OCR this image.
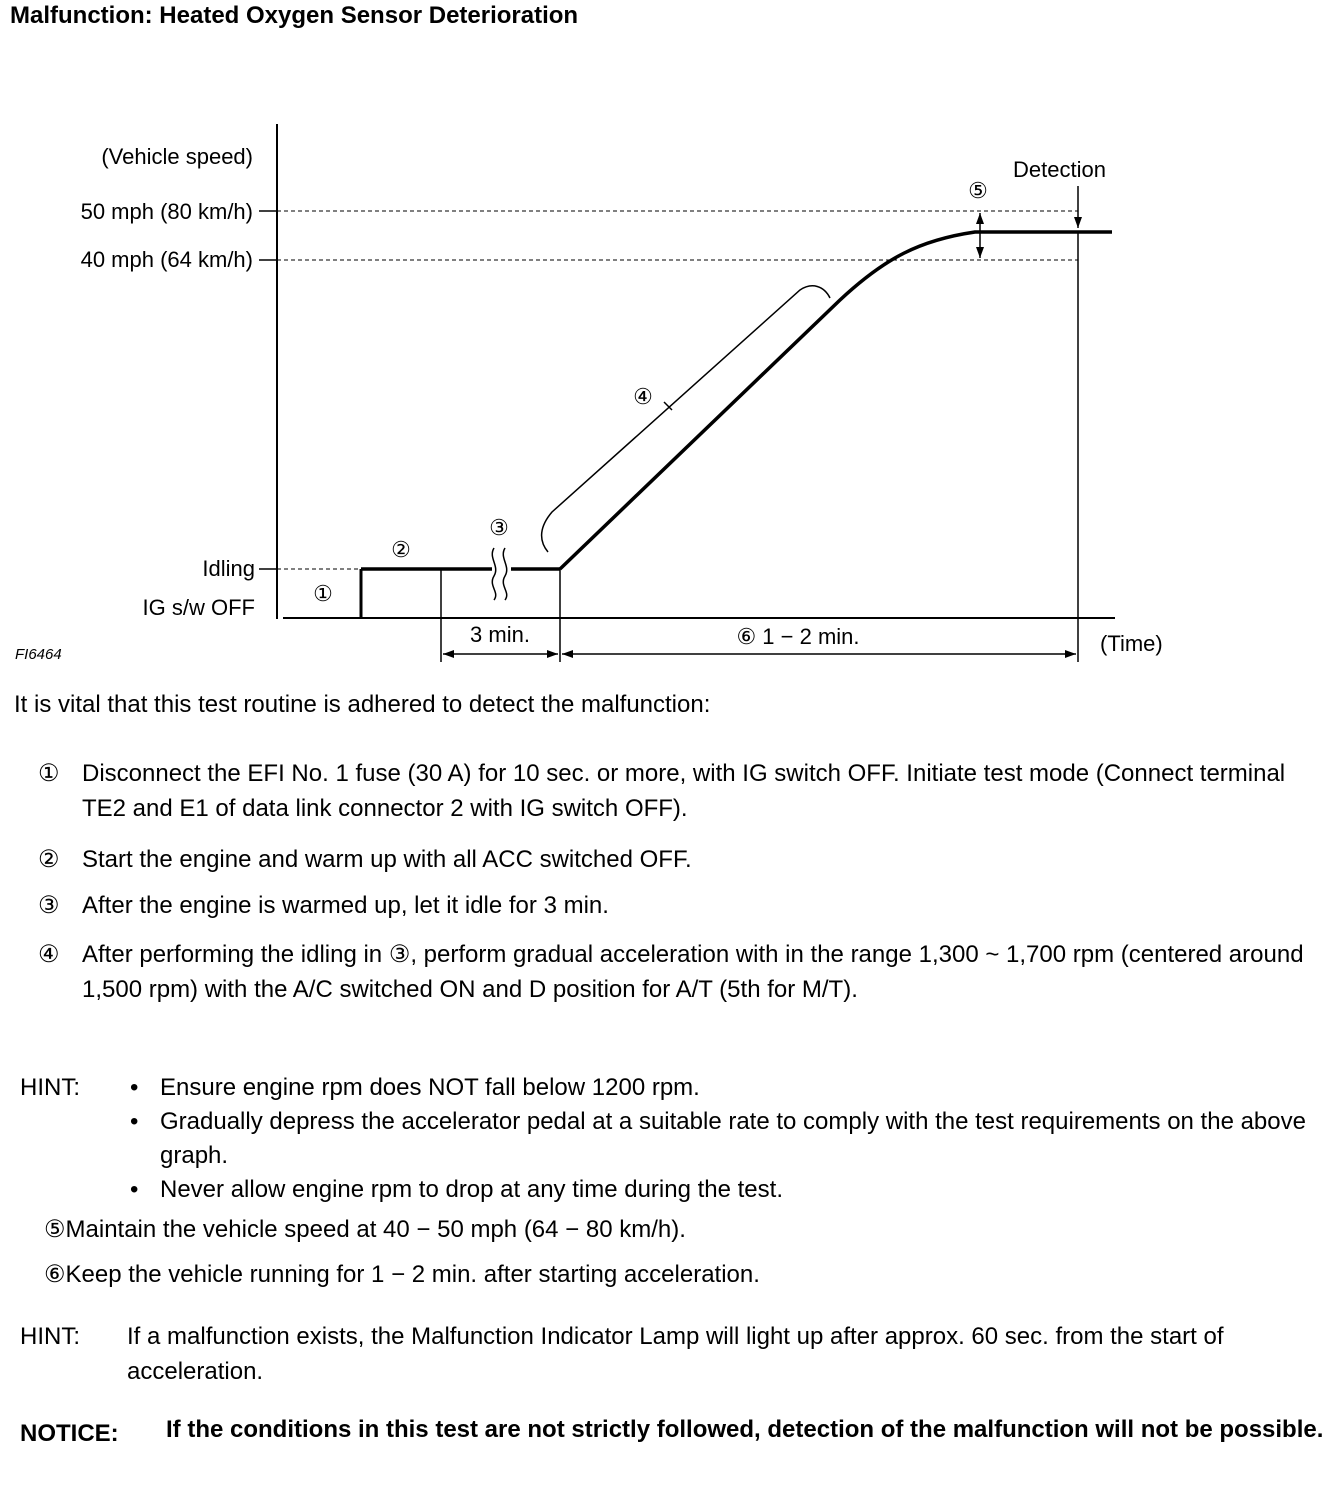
Malfunction: Heated Oxygen Sensor Deterioration
(Vehicle speed)
50 mph (80 km/h)
40 mph (64 km/h)
Idling
IG s/w OFF
3 min.	⑥ 1 − 2 min.	(Time)
Detection
①
②
③
④
⑤
FI6464
It is vital that this test routine is adhered to detect the malfunction:
① Disconnect the EFI No. 1 fuse (30 A) for 10 sec. or more, with IG switch OFF. Initiate test mode (Connect terminal TE2 and E1 of data link connector 2 with IG switch OFF).
② Start the engine and warm up with all ACC switched OFF.
③ After the engine is warmed up, let it idle for 3 min.
④ After performing the idling in ③, perform gradual acceleration with in the range 1,300 ~ 1,700 rpm (centered around 1,500 rpm) with the A/C switched ON and D position for A/T (5th for M/T).
HINT:
•	Ensure engine rpm does NOT fall below 1200 rpm.
• Gradually depress the accelerator pedal at a suitable rate to comply with the test requirements on the above graph.
• Never allow engine rpm to drop at any time during the test.
⑤Maintain the vehicle speed at 40 − 50 mph (64 − 80 km/h).
⑥Keep the vehicle running for 1 − 2 min. after starting acceleration.
HINT: If a malfunction exists, the Malfunction Indicator Lamp will light up after approx. 60 sec. from the start of acceleration.
NOTICE: If the conditions in this test are not strictly followed, detection of the malfunction will not be possible.
